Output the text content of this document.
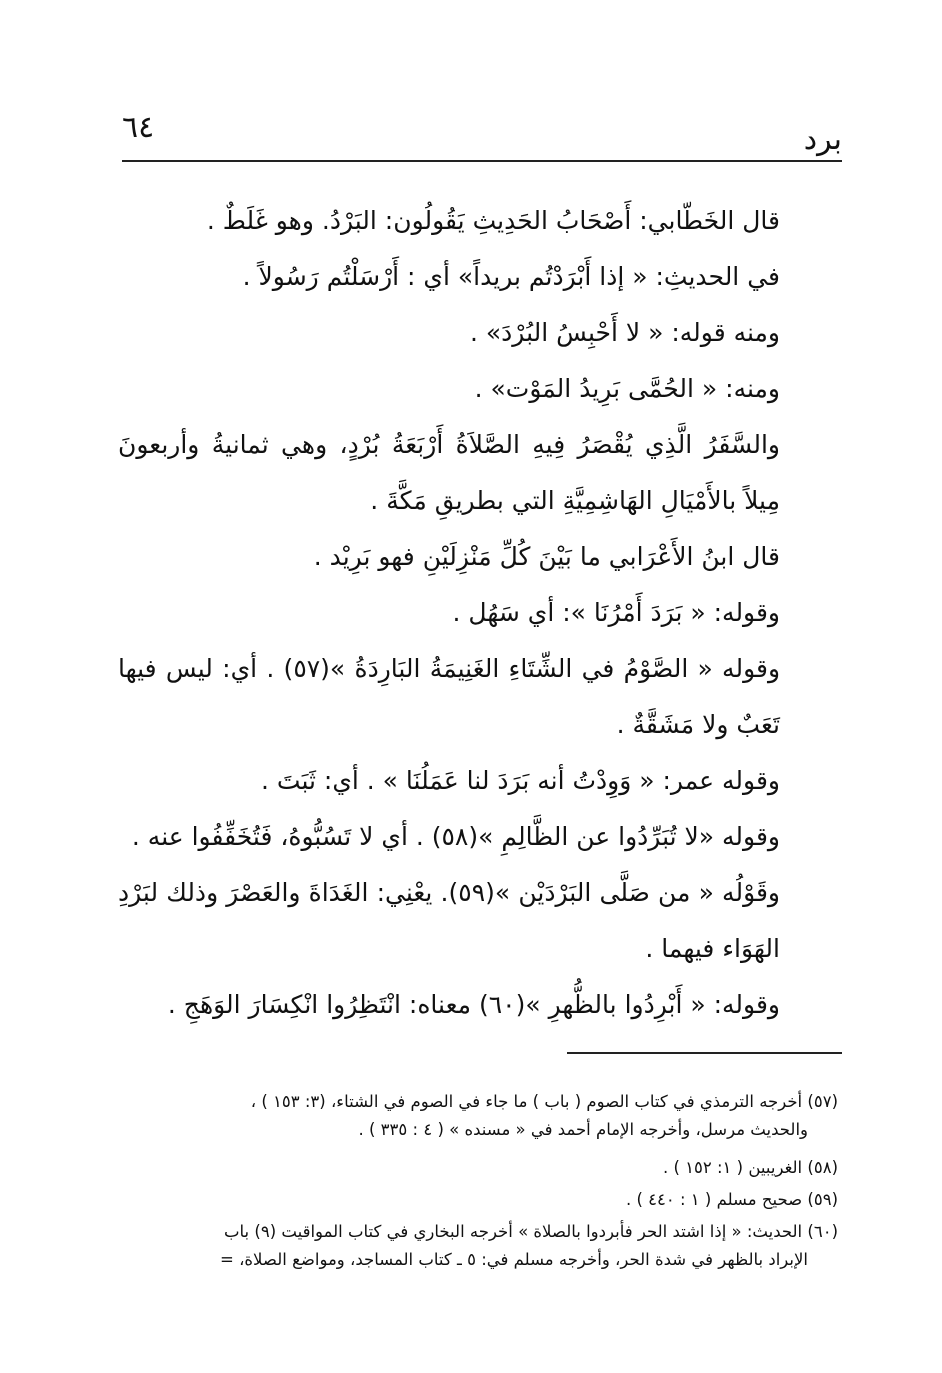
٦٤	برد

قال الخَطّابي: أَصْحَابُ الحَدِيثِ يَقُولُون: البَرْدُ. وهو غَلَطٌ .

في الحديثِ: « إذا أَبْرَدْتُم بريداً» أي : أَرْسَلْتُم رَسُولاً .

ومنه قوله: « لا أَحْبِسُ البُرْدَ» .

ومنه: « الحُمَّى بَرِيدُ المَوْت» .

والسَّفَرُ الَّذِي يُقْصَرُ فِيهِ الصَّلاَةُ أَرْبَعَةُ بُرْدٍ، وهي ثمانيةُ وأربعونَ مِيلاً بالأَمْيَالِ الهَاشِمِيَّةِ التي بطريقِ مَكَّةَ .

قال ابنُ الأَعْرَابي ما بَيْنَ كُلِّ مَنْزِلَيْنِ فهو بَرِيْد .

وقوله: « بَرَدَ أَمْرُنَا »: أي سَهُل .

وقوله « الصَّوْمُ في الشِّتَاءِ الغَنِيمَةُ البَارِدَةُ »(٥٧) . أي: ليس فيها تَعَبٌ ولا مَشَقَّةٌ .

وقوله عمر: « وَوِدْتُ أنه بَرَدَ لنا عَمَلُنَا » . أي: ثَبَتَ .

وقوله «لا تُبَرِّدُوا عن الظَّالِمِ »(٥٨) . أي لا تَسُبُّوهُ، فَتُخَفِّفُوا عنه .

وقَوْلُه « من صَلَّى البَرْدَيْن »(٥٩). يعْنِي: الغَدَاةَ والعَصْرَ وذلك لبَرْدِ الهَوَاء فيهما .

وقوله: « أَبْرِدُوا بالظُّهرِ »(٦٠) معناه: انْتَظِرُوا انْكِسَارَ الوَهَجِ .

(٥٧) أخرجه الترمذي في كتاب الصوم ( باب ) ما جاء في الصوم في الشتاء، (٣: ١٥٣ ) ،
والحديث مرسل، وأخرجه الإمام أحمد في « مسنده » ( ٤ : ٣٣٥ ) .
(٥٨) الغريبين ( ١: ١٥٢ ) .
(٥٩) صحيح مسلم ( ١ : ٤٤٠ ) .
(٦٠) الحديث: « إذا اشتد الحر فأبردوا بالصلاة » أخرجه البخاري في كتاب المواقيت (٩) باب
الإبراد بالظهر في شدة الحر، وأخرجه مسلم في: ٥ ـ كتاب المساجد، ومواضع الصلاة، =
